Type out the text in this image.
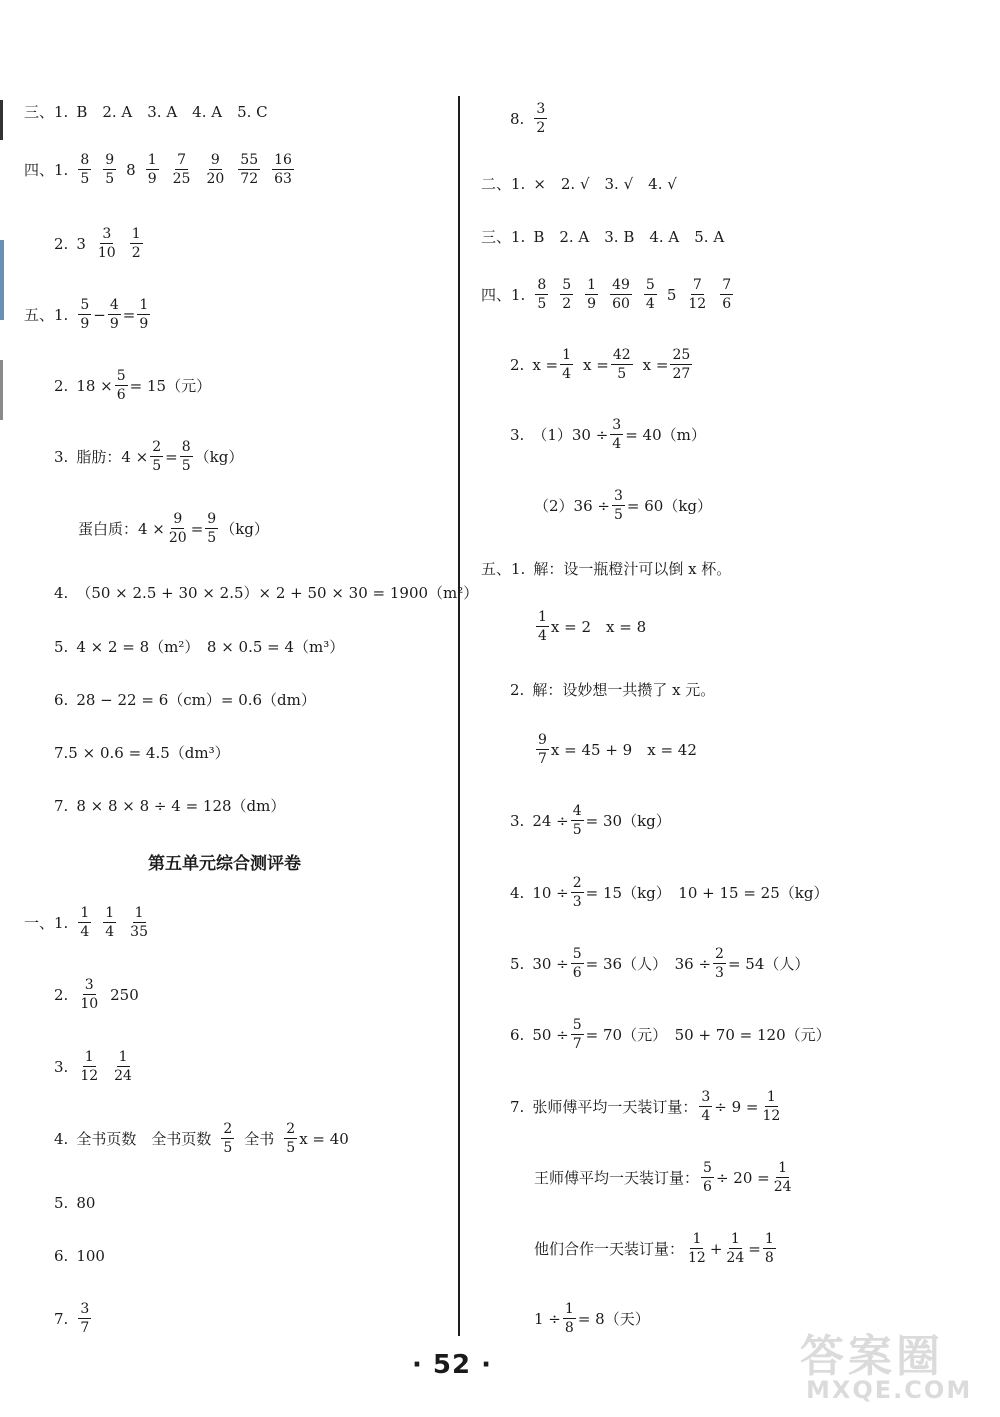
三、1. B　2. A　3. A　4. A　5. C
四、1. $\frac{8}{5} \frac{9}{5} 8 \frac{1}{9} \frac{7}{25} \frac{9}{20} \frac{55}{72} \frac{16}{63}$
2. $3 \frac{3}{10} \frac{1}{2}$
五、1. $\frac{5}{9} - \frac{4}{9} = \frac{1}{9}$
2. $18 \times \frac{5}{6} = 15$（元）
3. 脂肪：$4 \times \frac{2}{5} = \frac{8}{5} (kg)$
蛋白质：$4 \times \frac{9}{20} = \frac{9}{5} (kg)$
4. （50 × 2.5 + 30 × 2.5）× 2 + 50 × 30 = 1900（m²）
5. 4 × 2 = 8（m²）　8 × 0.5 = 4（m³）
6. 28 − 22 = 6（cm）= 0.6（dm）
7.5 × 0.6 = 4.5（dm³）
7. 8 × 8 × 8 ÷ 4 = 128（dm）
第五单元综合测评卷
一、1. $\frac{1}{4} \frac{1}{4} \frac{1}{35}$
2. $\frac{3}{10} 250$
3. $\frac{1}{12} \frac{1}{24}$
4. 全书页数　全书页数 $\frac{2}{5}$ 全书 $\frac{2}{5}$ x = 40
5. 80
6. 100
7. $\frac{3}{7}$
8. $\frac{3}{2}$
二、1. ×　2. √　3. √　4. √
三、1. B　2. A　3. B　4. A　5. A
四、1. $\frac{8}{5} \frac{5}{2} \frac{1}{9} \frac{49}{60} \frac{5}{4} 5 \frac{7}{12} \frac{7}{6}$
2. $x = \frac{1}{4}$ $x = \frac{42}{5}$ $x = \frac{25}{27}$
3. $(1)30 \div \frac{3}{4} = 40(m)$
$(2)36 \div \frac{3}{5} = 60(kg)$
五、1. 解：设一瓶橙汁可以倒 x 杯。
$\frac{1}{4}$ x = 2　x = 8
2. 解：设妙想一共攒了 x 元。
$\frac{9}{7}$ x = 45 + 9　x = 42
3. $24 \div \frac{4}{5} = 30(kg)$
4. $10 \div \frac{2}{3} = 15(kg)$　10 + 15 = 25（kg）
5. $30 \div \frac{5}{6} = 36$（人）　$36 \div \frac{2}{3} = 54$（人）
6. $50 \div \frac{5}{7} = 70$（元）　50 + 70 = 120（元）
7. 张师傅平均一天装订量： $\frac{3}{4} \div 9 = \frac{1}{12}$
王师傅平均一天装订量： $\frac{5}{6} \div 20 = \frac{1}{24}$
他们合作一天装订量： $\frac{1}{12} + \frac{1}{24} = \frac{1}{8}$
$1 \div \frac{1}{8} = 8$（天）
· 52 ·	答案圈
MXQE.COM
